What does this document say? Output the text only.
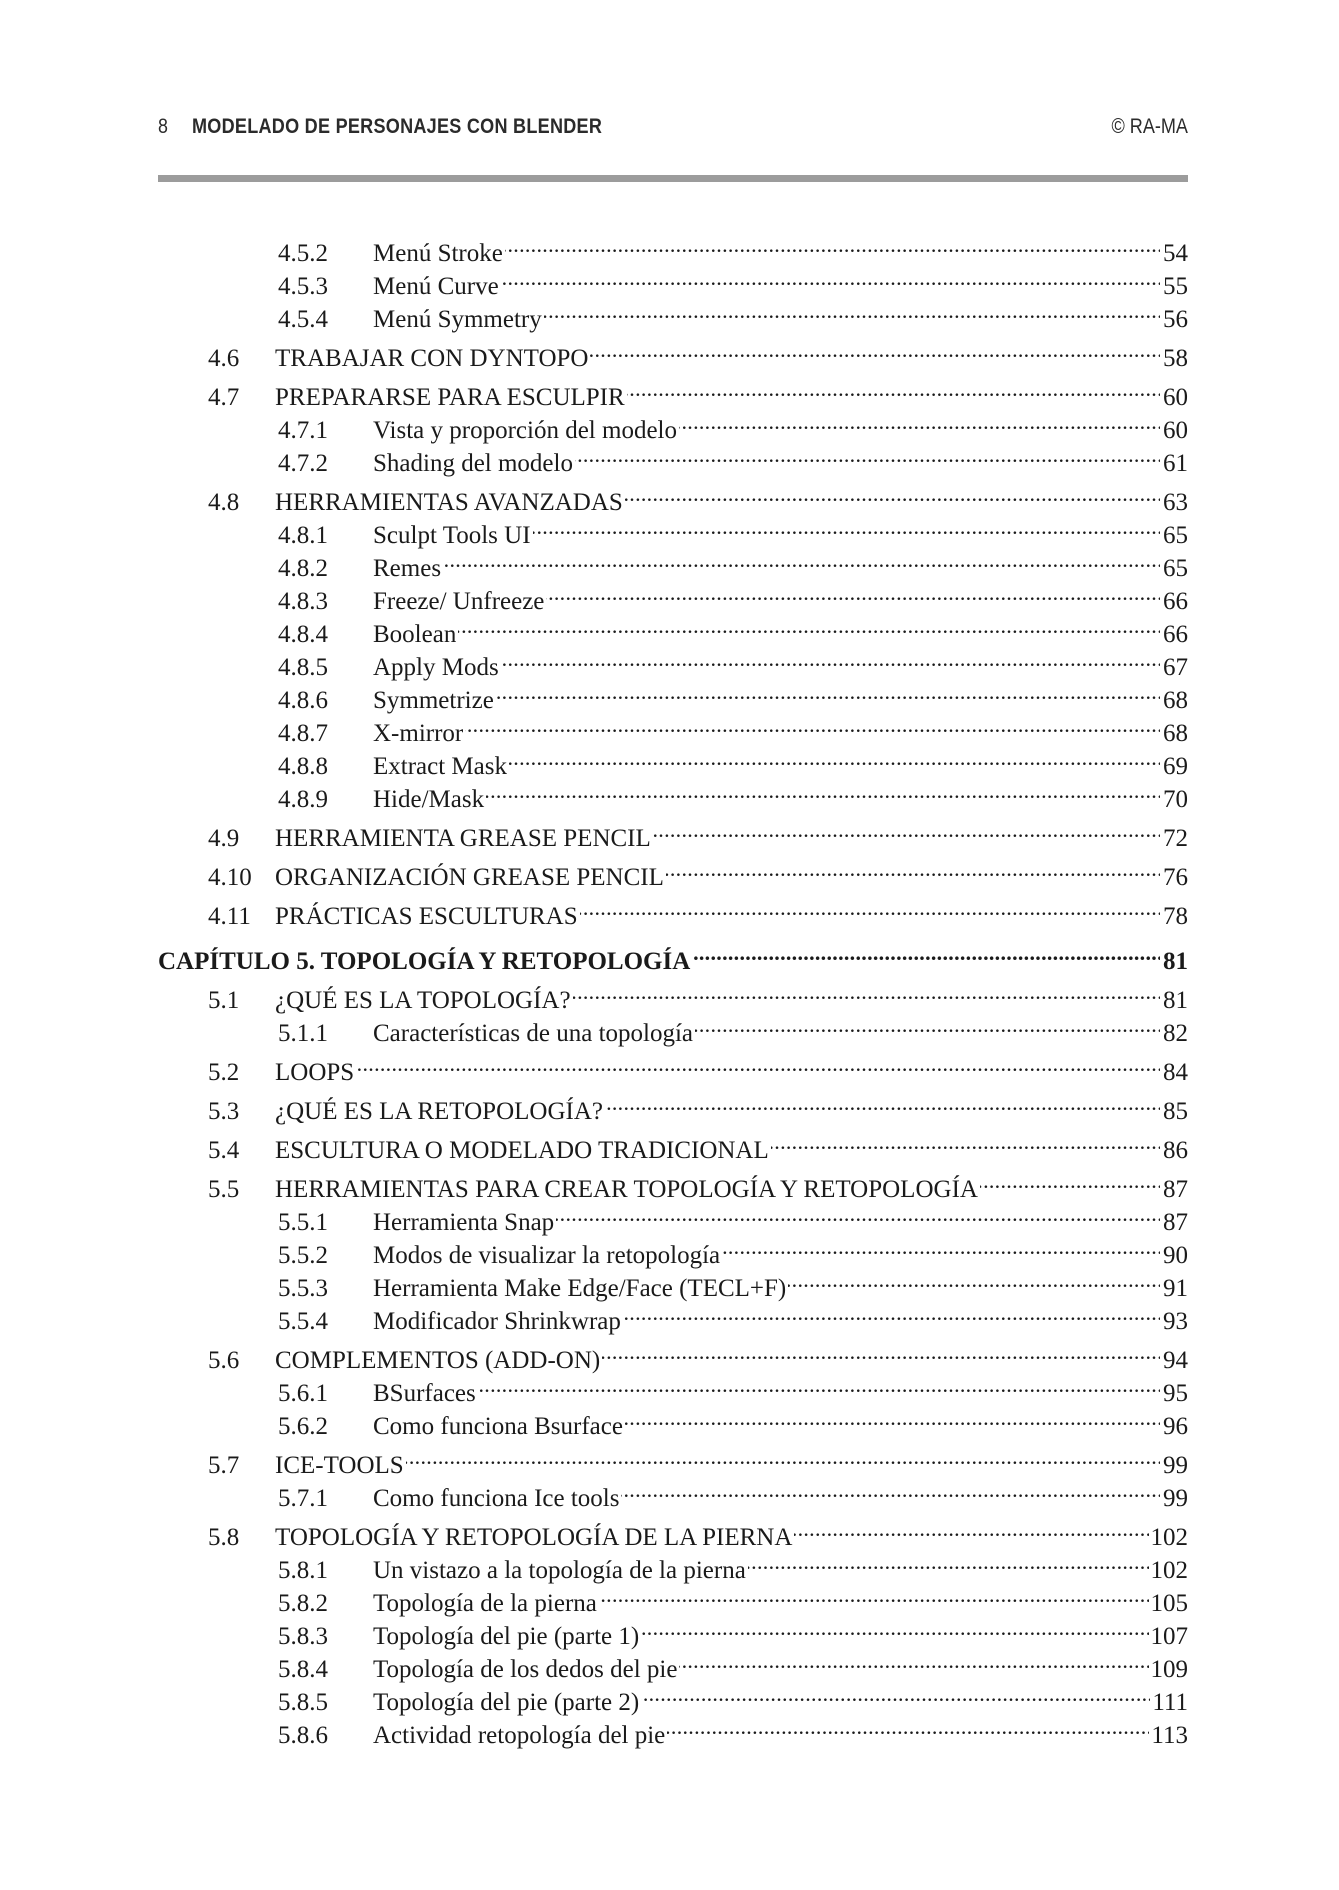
8 MODELADO DE PERSONAJES CON BLENDER	© RA-MA
4.5.2	Menú Stroke . . .	54
4.5.3	Menú Curve . . .	55
4.5.4	Menú Symmetry . . .	56
4.6	TRABAJAR CON DYNTOPO . . .	58
4.7	PREPARARSE PARA ESCULPIR . . .	60
4.7.1	Vista y proporción del modelo . . .	60
4.7.2	Shading del modelo . . .	61
4.8	HERRAMIENTAS AVANZADAS . . .	63
4.8.1	Sculpt Tools UI . . .	65
4.8.2	Remes . . .	65
4.8.3	Freeze/ Unfreeze . . .	66
4.8.4	Boolean . . .	66
4.8.5	Apply Mods . . .	67
4.8.6	Symmetrize . . .	68
4.8.7	X-mirror . . .	68
4.8.8	Extract Mask . . .	69
4.8.9	Hide/Mask . . .	70
4.9	HERRAMIENTA GREASE PENCIL . . .	72
4.10 ORGANIZACIÓN GREASE PENCIL . . .	76
4.11 PRÁCTICAS ESCULTURAS . . .	78
CAPÍTULO 5. TOPOLOGÍA Y RETOPOLOGÍA . . .	81
5.1	¿QUÉ ES LA TOPOLOGÍA? . . .	81
5.1.1	Características de una topología . . .	82
5.2	LOOPS . . .	84
5.3	¿QUÉ ES LA RETOPOLOGÍA? . . .	85
5.4	ESCULTURA O MODELADO TRADICIONAL . . .	86
5.5	HERRAMIENTAS PARA CREAR TOPOLOGÍA Y RETOPOLOGÍA . . .	87
5.5.1	Herramienta Snap . . .	87
5.5.2	Modos de visualizar la retopología . . .	90
5.5.3	Herramienta Make Edge/Face (TECL+F) . . .	91
5.5.4	Modificador Shrinkwrap . . .	93
5.6	COMPLEMENTOS (ADD-ON) . . .	94
5.6.1	BSurfaces . . .	95
5.6.2	Como funciona Bsurface . . .	96
5.7	ICE-TOOLS . . .	99
5.7.1	Como funciona Ice tools . . .	99
5.8	TOPOLOGÍA Y RETOPOLOGÍA DE LA PIERNA . . .	102
5.8.1	Un vistazo a la topología de la pierna . . .	102
5.8.2	Topología de la pierna . . .	105
5.8.3	Topología del pie (parte 1) . . .	107
5.8.4	Topología de los dedos del pie . . .	109
5.8.5	Topología del pie (parte 2) . . .	111
5.8.6	Actividad retopología del pie . . .	113
